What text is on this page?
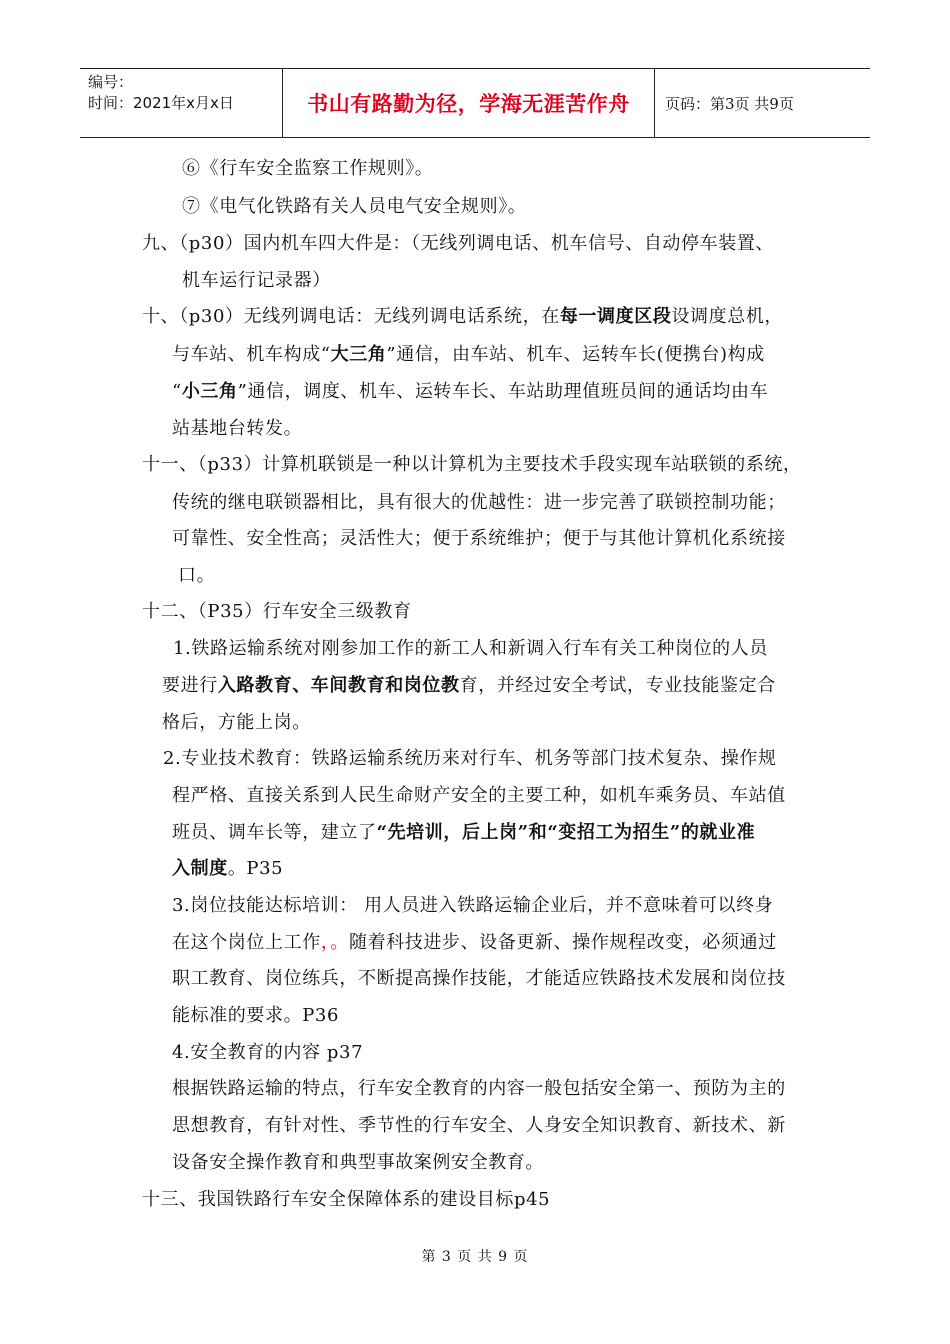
编号：
时间：2021年x月x日	书山有路勤为径，学海无涯苦作舟	页码：第3页 共9页
⑥《行车安全监察工作规则》。
⑦《电气化铁路有关人员电气安全规则》。
九、（p30）国内机车四大件是：（无线列调电话、机车信号、自动停车装置、
机车运行记录器）
十、（p30）无线列调电话：无线列调电话系统，在每一调度区段设调度总机，
与车站、机车构成“大三角”通信，由车站、机车、运转车长(便携台)构成
“小三角”通信，调度、机车、运转车长、车站助理值班员间的通话均由车
站基地台转发。
十一、（p33）计算机联锁是一种以计算机为主要技术手段实现车站联锁的系统，
传统的继电联锁器相比，具有很大的优越性：进一步完善了联锁控制功能；
可靠性、安全性高；灵活性大；便于系统维护；便于与其他计算机化系统接
口。
十二、（P35）行车安全三级教育
1.铁路运输系统对刚参加工作的新工人和新调入行车有关工种岗位的人员
要进行入路教育、车间教育和岗位教育，并经过安全考试，专业技能鉴定合
格后，方能上岗。
2.专业技术教育：铁路运输系统历来对行车、机务等部门技术复杂、操作规
程严格、直接关系到人民生命财产安全的主要工种，如机车乘务员、车站值
班员、调车长等，建立了“先培训，后上岗”和“变招工为招生”的就业准
入制度。P35
3.岗位技能达标培训： 用人员进入铁路运输企业后，并不意味着可以终身
在这个岗位上工作，。随着科技进步、设备更新、操作规程改变，必须通过
职工教育、岗位练兵，不断提高操作技能，才能适应铁路技术发展和岗位技
能标准的要求。P36
4.安全教育的内容 p37
根据铁路运输的特点，行车安全教育的内容一般包括安全第一、预防为主的
思想教育，有针对性、季节性的行车安全、人身安全知识教育、新技术、新
设备安全操作教育和典型事故案例安全教育。
十三、我国铁路行车安全保障体系的建设目标p45
第 3 页 共 9 页
